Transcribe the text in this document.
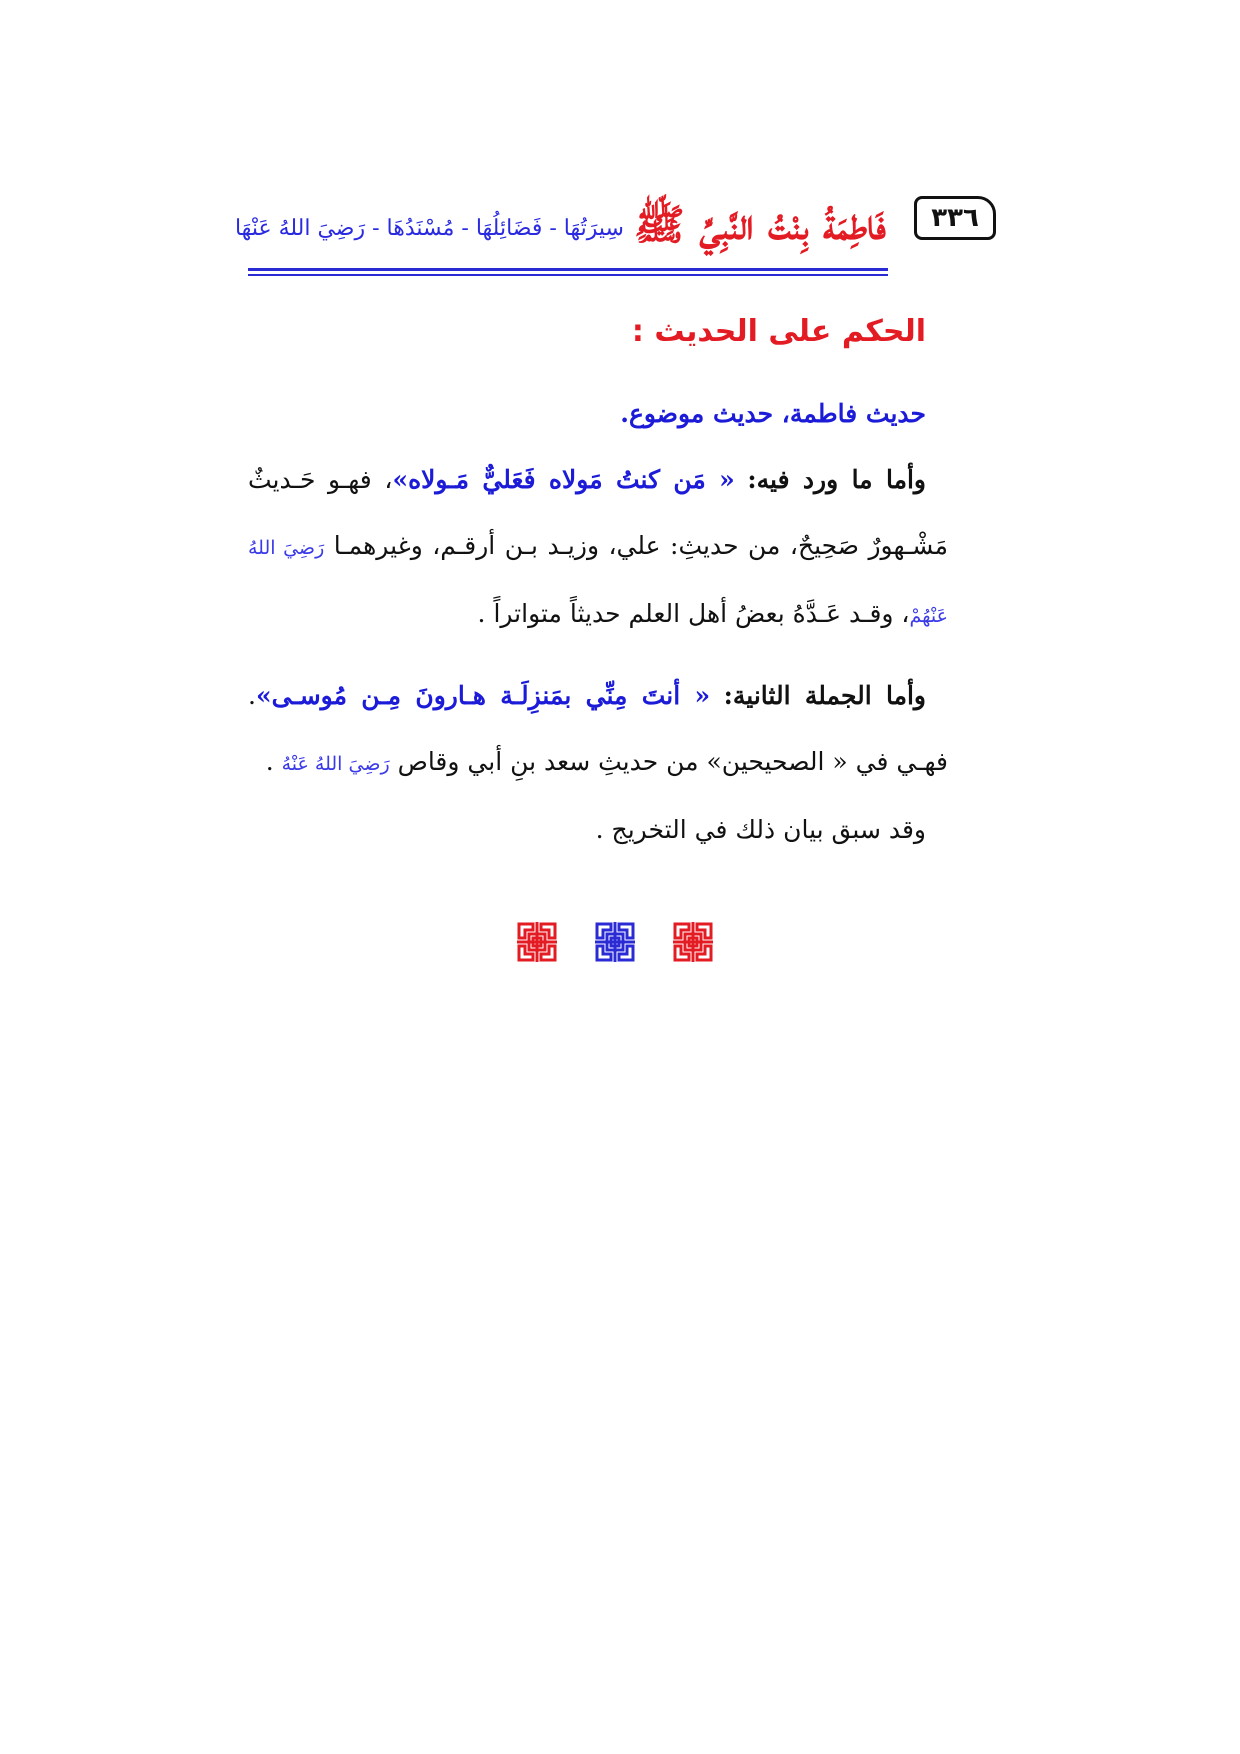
٣٣٦
فَاطِمَةُ بِنْتُ النَّبِيِّ ﷺ
سِيرَتُهَا - فَضَائِلُهَا - مُسْنَدُهَا - رَضِيَ اللهُ عَنْهَا
الحكم على الحديث :

حديث فاطمة، حديث موضوع.

وأما ما ورد فيه: « مَن كنتُ مَولاه فَعَليٌّ مَـولاه»، فهـو حَـديثٌ مَشْـهورٌ صَحِيحٌ، من حديثِ: علي، وزيـد بـن أرقـم، وغيرهمـا رَضِيَ اللهُ عَنْهُمْ، وقـد عَـدَّهُ بعضُ أهل العلم حديثاً متواتراً .

وأما الجملة الثانية: « أنتَ مِنِّي بمَنزِلَـة هـارونَ مِـن مُوسـى». فهـي في « الصحيحين» من حديثِ سعد بنِ أبي وقاص رَضِيَ اللهُ عَنْهُ .

وقد سبق بيان ذلك في التخريج .
